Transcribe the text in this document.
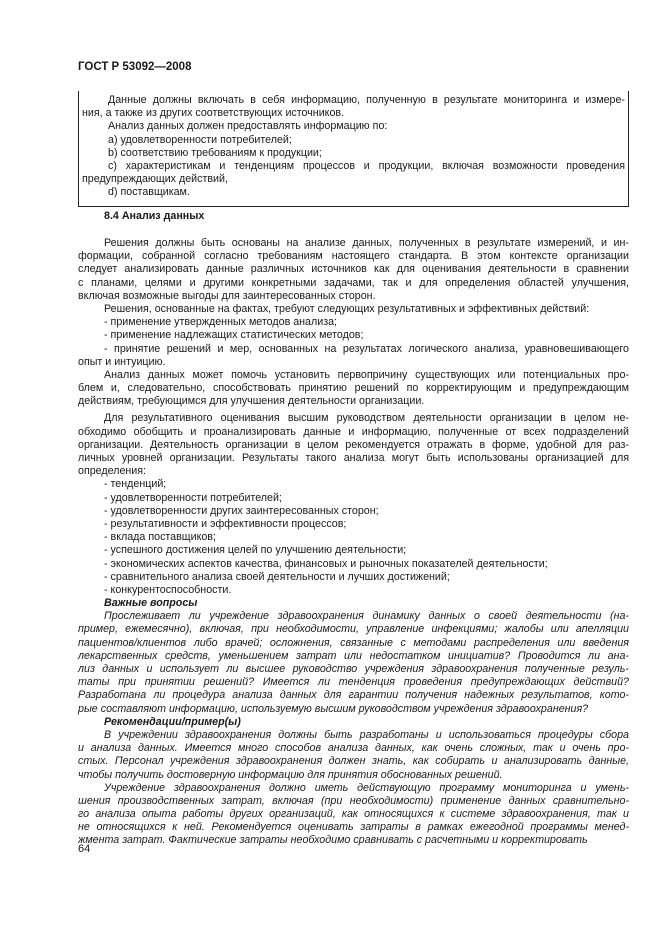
ГОСТ Р 53092—2008
Данные должны включать в себя информацию, полученную в результате мониторинга и измере-
ния, а также из других соответствующих источников.
Анализ данных должен предоставлять информацию по:
a) удовлетворенности потребителей;
b) соответствию требованиям к продукции;
c) характеристикам и тенденциям процессов и продукции, включая возможности проведения
предупреждающих действий,
d) поставщикам.
8.4 Анализ данных
Решения должны быть основаны на анализе данных, полученных в результате измерений, и ин-
формации, собранной согласно требованиям настоящего стандарта. В этом контексте организации
следует анализировать данные различных источников как для оценивания деятельности в сравнении
с планами, целями и другими конкретными задачами, так и для определения областей улучшения,
включая возможные выгоды для заинтересованных сторон.
Решения, основанные на фактах, требуют следующих результативных и эффективных действий:
- применение утвержденных методов анализа;
- применение надлежащих статистических методов;
- принятие решений и мер, основанных на результатах логического анализа, уравновешивающего
опыт и интуицию.
Анализ данных может помочь установить первопричину существующих или потенциальных про-
блем и, следовательно, способствовать принятию решений по корректирующим и предупреждающим
действиям, требующимся для улучшения деятельности организации.
Для результативного оценивания высшим руководством деятельности организации в целом не-
обходимо обобщить и проанализировать данные и информацию, полученные от всех подразделений
организации. Деятельность организации в целом рекомендуется отражать в форме, удобной для раз-
личных уровней организации. Результаты такого анализа могут быть использованы организацией для
определения:
- тенденций;
- удовлетворенности потребителей;
- удовлетворенности других заинтересованных сторон;
- результативности и эффективности процессов;
- вклада поставщиков;
- успешного достижения целей по улучшению деятельности;
- экономических аспектов качества, финансовых и рыночных показателей деятельности;
- сравнительного анализа своей деятельности и лучших достижений;
- конкурентоспособности.
Важные вопросы
Прослеживает ли учреждение здравоохранения динамику данных о своей деятельности (на-
пример, ежемесячно), включая, при необходимости, управление инфекциями; жалобы или апелляции
пациентов/клиентов либо врачей; осложнения, связанные с методами распределения или введения
лекарственных средств, уменьшением затрат или недостатком инициатив? Проводится ли ана-
лиз данных и использует ли высшее руководство учреждения здравоохранения полученные резуль-
таты при принятии решений? Имеется ли тенденция проведения предупреждающих действий?
Разработана ли процедура анализа данных для гарантии получения надежных результатов, кото-
рые составляют информацию, используемую высшим руководством учреждения здравоохранения?
Рекомендации/пример(ы)
В учреждении здравоохранения должны быть разработаны и использоваться процедуры сбора
и анализа данных. Имеется много способов анализа данных, как очень сложных, так и очень про-
стых. Персонал учреждения здравоохранения должен знать, как собирать и анализировать данные,
чтобы получить достоверную информацию для принятия обоснованных решений.
Учреждение здравоохранения должно иметь действующую программу мониторинга и умень-
шения производственных затрат, включая (при необходимости) применение данных сравнительно-
го анализа опыта работы других организаций, как относящихся к системе здравоохранения, так и
не относящихся к ней. Рекомендуется оценивать затраты в рамках ежегодной программы менед-
жмента затрат. Фактические затраты необходимо сравнивать с расчетными и корректировать
64
